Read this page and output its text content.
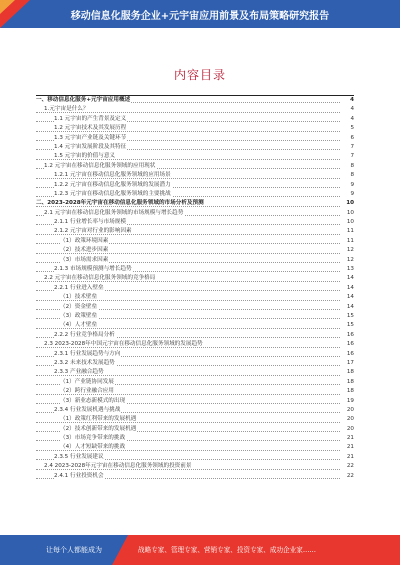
移动信息化服务企业+元宇宙应用前景及布局策略研究报告
内容目录
一、移动信息化服务+元宇宙应用概述	4
1.元宇宙是什么？	4
1.1 元宇宙的产生背景及定义	4
1.2 元宇宙技术及其发展历程	5
1.3 元宇宙产业链及关键环节	6
1.4 元宇宙发展阶段及其特征	7
1.5 元宇宙的价值与意义	7
1.2 元宇宙在移动信息化服务领域的应用现状	8
1.2.1 元宇宙在移动信息化服务领域的应用场景	8
1.2.2 元宇宙在移动信息化服务领域的发展潜力	9
1.2.3 元宇宙在移动信息化服务领域的主要挑战	9
二、2023-2028年元宇宙在移动信息化服务领域的市场分析及预测	10
2.1 元宇宙在移动信息化服务领域的市场规模与增长趋势	10
2.1.1 行业增长率与市场规模	10
2.1.2 元宇宙对行业的影响因素	11
（1）政策环境因素	11
（2）技术进步因素	12
（3）市场需求因素	12
2.1.3 市场规模预测与增长趋势	13
2.2 元宇宙在移动信息化服务领域的竞争格局	14
2.2.1 行业进入壁垒	14
（1）技术壁垒	14
（2）资金壁垒	14
（3）政策壁垒	15
（4）人才壁垒	15
2.2.2 行业竞争格局分析	16
2.3 2023-2028年中国元宇宙在移动信息化服务领域的发展趋势	16
2.3.1 行业发展趋势与方向	16
2.3.2 未来技术发展趋势	17
2.3.3 产业融合趋势	18
（1）产业链协同发展	18
（2）跨行业融合应用	18
（3）新业态新模式的出现	19
2.3.4 行业发展机遇与挑战	20
（1）政策红利带来的发展机遇	20
（2）技术创新带来的发展机遇	20
（3）市场竞争带来的挑战	21
（4）人才短缺带来的挑战	21
2.3.5 行业发展建议	21
2.4 2023-2028年元宇宙在移动信息化服务领域的投资前景	22
2.4.1 行业投资机会	22
让每个人都能成为	战略专家、管理专家、营销专家、投资专家、成功企业家……
